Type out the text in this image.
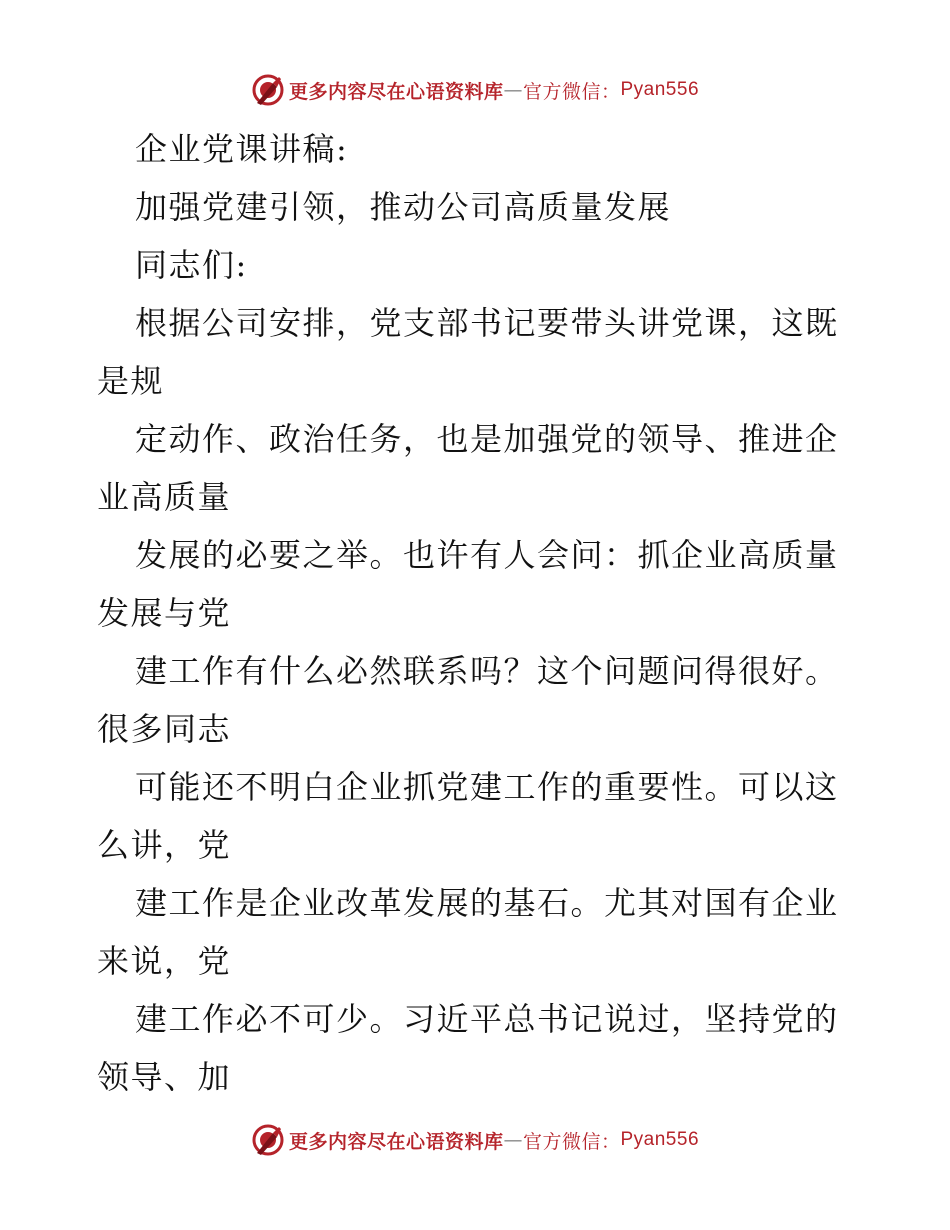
更多内容尽在心语资料库 — 官方微信： Pyan556
企业党课讲稿:
加强党建引领，推动公司高质量发展
同志们:
根据公司安排，党支部书记要带头讲党课，这既
是规
定动作、政治任务，也是加强党的领导、推进企
业高质量
发展的必要之举。也许有人会问：抓企业高质量
发展与党
建工作有什么必然联系吗？这个问题问得很好。
很多同志
可能还不明白企业抓党建工作的重要性。可以这
么讲，党
建工作是企业改革发展的基石。尤其对国有企业
来说，党
建工作必不可少。习近平总书记说过，坚持党的
领导、加
更多内容尽在心语资料库 — 官方微信： Pyan556
